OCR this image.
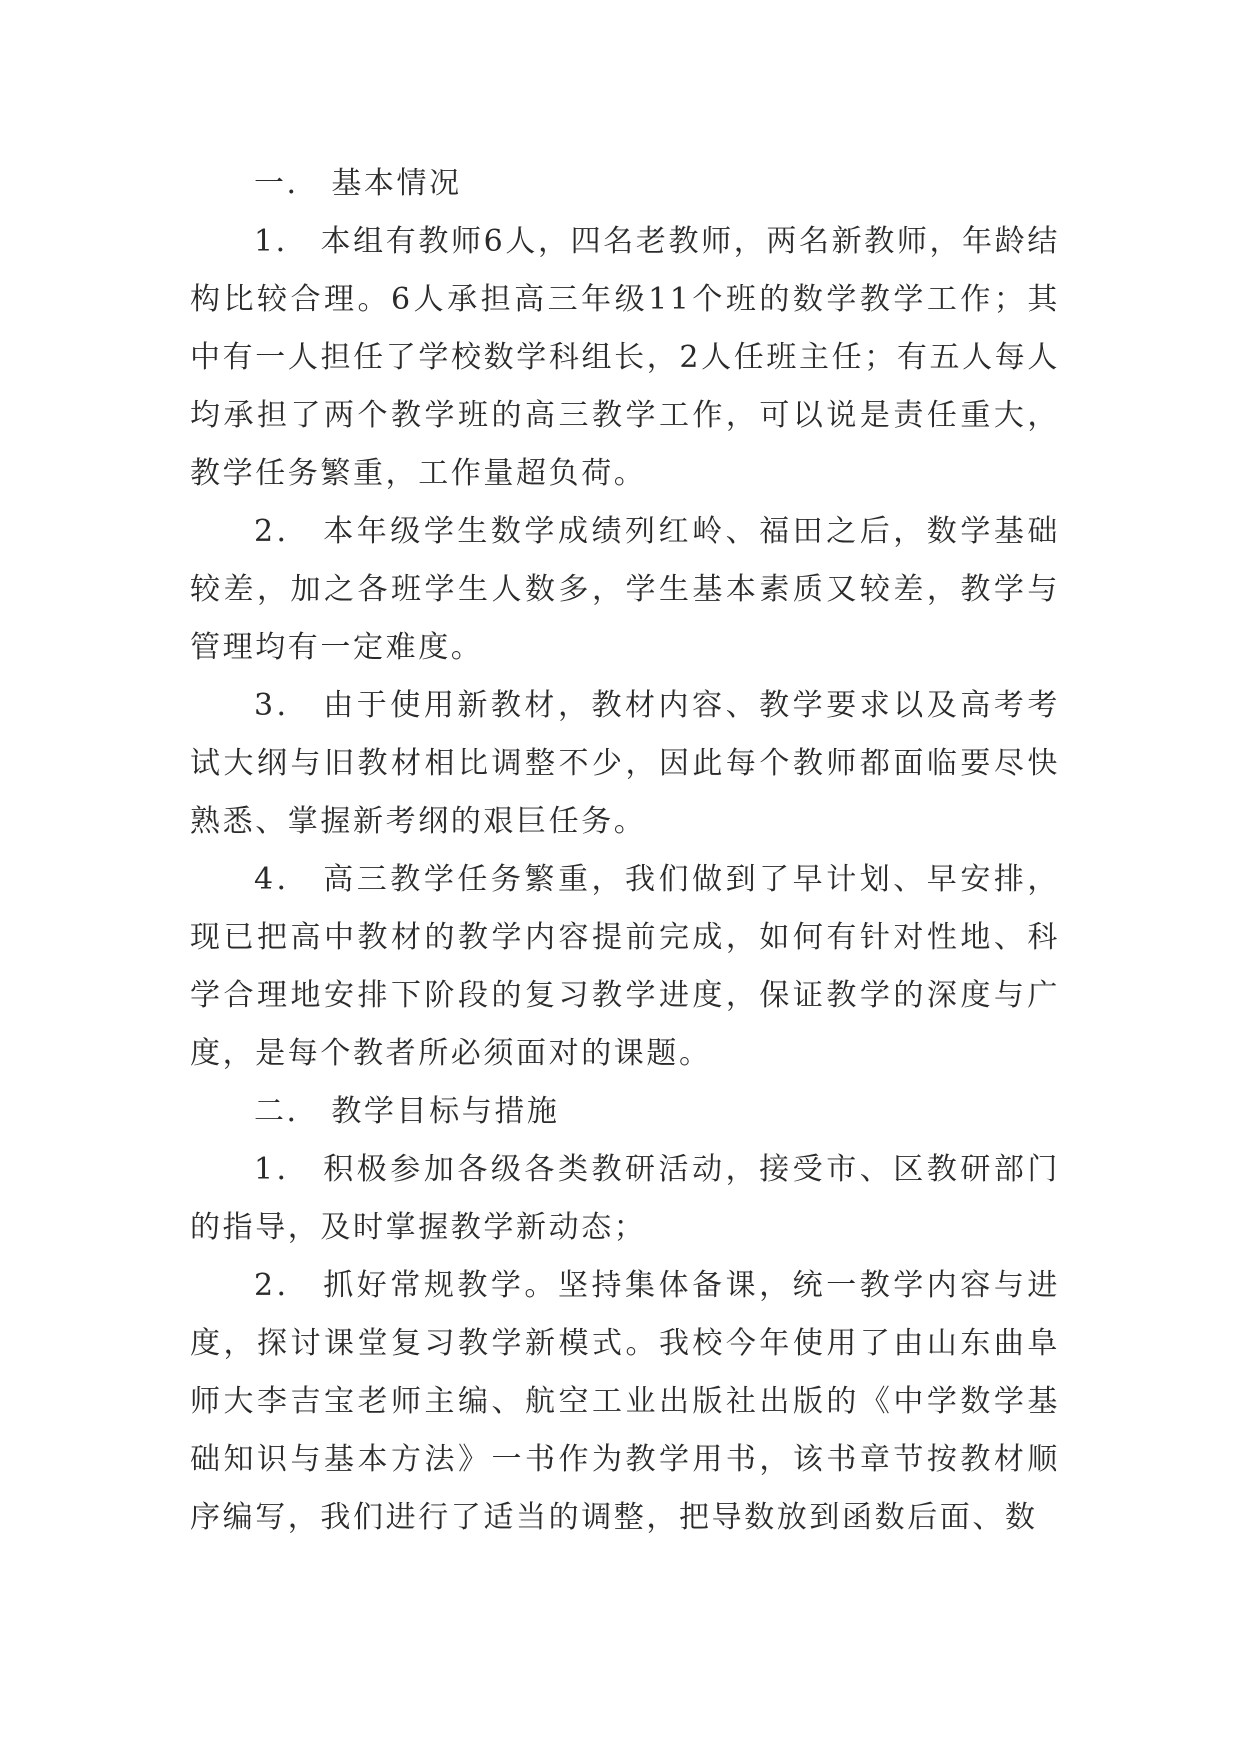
一． 基本情况

1． 本组有教师6人，四名老教师，两名新教师，年龄结构比较合理。6人承担高三年级11个班的数学教学工作；其中有一人担任了学校数学科组长，2人任班主任；有五人每人均承担了两个教学班的高三教学工作，可以说是责任重大，教学任务繁重，工作量超负荷。

2． 本年级学生数学成绩列红岭、福田之后，数学基础较差，加之各班学生人数多，学生基本素质又较差，教学与管理均有一定难度。

3． 由于使用新教材，教材内容、教学要求以及高考考试大纲与旧教材相比调整不少，因此每个教师都面临要尽快熟悉、掌握新考纲的艰巨任务。

4． 高三教学任务繁重，我们做到了早计划、早安排，现已把高中教材的教学内容提前完成，如何有针对性地、科学合理地安排下阶段的复习教学进度，保证教学的深度与广度，是每个教者所必须面对的课题。

二． 教学目标与措施

1． 积极参加各级各类教研活动，接受市、区教研部门的指导，及时掌握教学新动态；

2． 抓好常规教学。坚持集体备课，统一教学内容与进度，探讨课堂复习教学新模式。我校今年使用了由山东曲阜师大李吉宝老师主编、航空工业出版社出版的《中学数学基础知识与基本方法》一书作为教学用书，该书章节按教材顺序编写，我们进行了适当的调整，把导数放到函数后面、数
